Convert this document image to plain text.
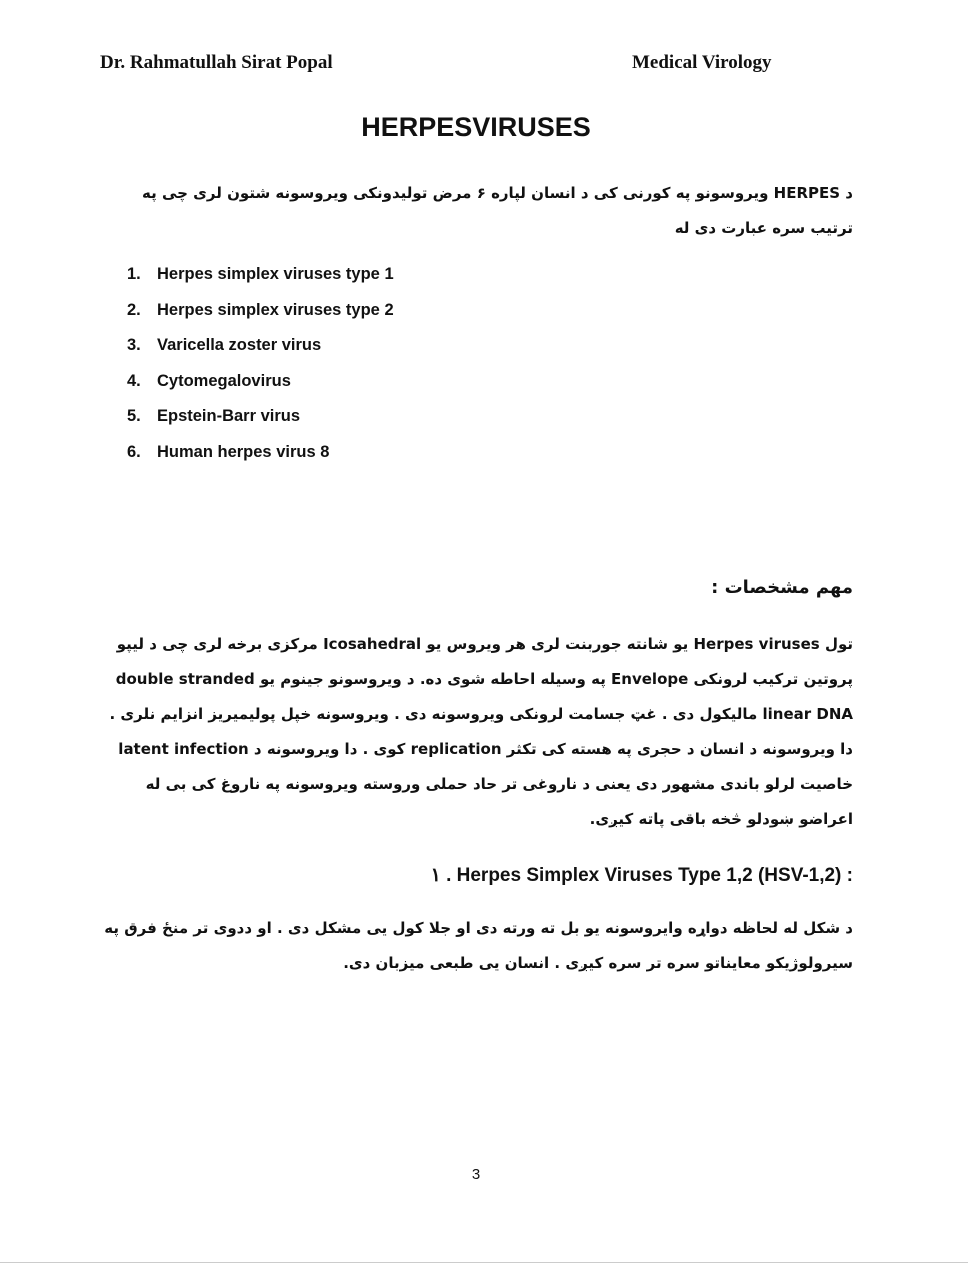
Dr. Rahmatullah Sirat Popal	Medical Virology
HERPESVIRUSES

د HERPES ویروسونو په کورنی کی د انسان لپاره ۶ مرض تولیدونکی ویروسونه شتون لری چی په ترتیب سره عبارت دی له

1. Herpes simplex viruses type 1
2. Herpes simplex viruses type 2
3. Varicella zoster virus
4. Cytomegalovirus
5. Epstein-Barr virus
6. Human herpes virus 8
مهم مشخصات :

تول Herpes viruses یو شانته جوربنت لری هر ویروس یو Icosahedral مرکزی برخه لری چی د لیپو پروتین ترکیب لرونکی Envelope په وسیله احاطه شوی ده. د ویروسونو جینوم یو double stranded linear DNA مالیکول دی . غټ جسامت لرونکی ویروسونه دی . ویروسونه خپل پولیمیریز انزایم نلری . دا ویروسونه د انسان د حجری په هسته کی تکثر replication کوی . دا ویروسونه د latent infection خاصیت لرلو باندی مشهور دی یعنی د ناروغی تر حاد حملی وروسته ویروسونه په ناروغ کی بی له اعراضو ښودلو څخه باقی پاته کیږی.

۱ . Herpes Simplex Viruses Type 1,2 (HSV-1,2) :

د شکل له لحاظه دواړه وایروسونه یو بل ته ورته دی او جلا کول یی مشکل دی . او ددوی تر منځ فرق په سیرولوژیکو معایناتو سره تر سره کیږی . انسان یی طبعی میزبان دی.

3
